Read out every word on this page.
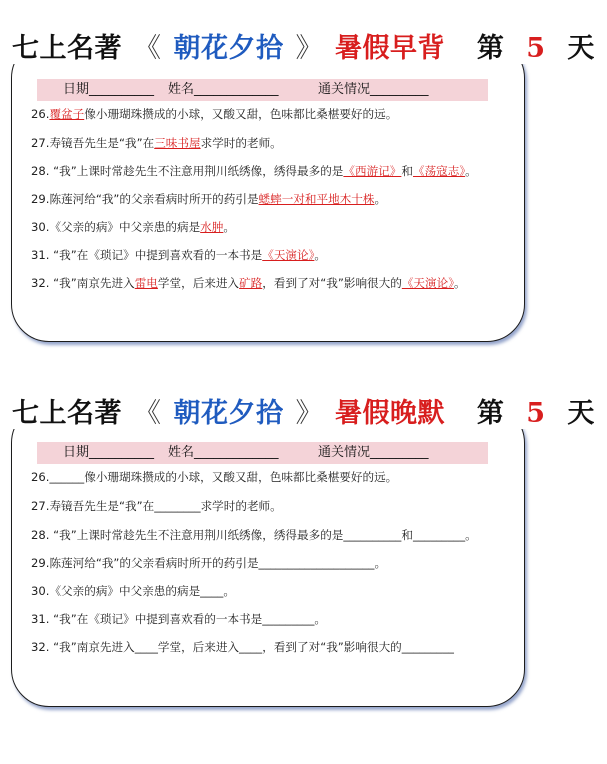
七上名著 《 朝花夕拾 》 暑假早背 第 5 天
日期__________ 姓名_____________	通关情况_________
26.覆盆子像小珊瑚珠攒成的小球，又酸又甜，色味都比桑椹要好的远。
27.寿镜吾先生是“我”在三味书屋求学时的老师。
28. “我”上课时常趁先生不注意用荆川纸绣像，绣得最多的是《西游记》和《荡寇志》。
29.陈莲河给“我”的父亲看病时所开的药引是蟋蟀一对和平地木十株。
30.《父亲的病》中父亲患的病是水肿。
31. “我”在《琐记》中提到喜欢看的一本书是《天演论》。
32. “我”南京先进入雷电学堂，后来进入矿路，看到了对“我”影响很大的《天演论》。
七上名著 《 朝花夕拾 》 暑假晚默 第 5 天
日期__________ 姓名_____________	通关情况_________
26.______像小珊瑚珠攒成的小球，又酸又甜，色味都比桑椹要好的远。
27.寿镜吾先生是“我”在________求学时的老师。
28. “我”上课时常趁先生不注意用荆川纸绣像，绣得最多的是__________和_________。
29.陈莲河给“我”的父亲看病时所开的药引是____________________。
30.《父亲的病》中父亲患的病是____。
31. “我”在《琐记》中提到喜欢看的一本书是_________。
32. “我”南京先进入____学堂，后来进入____，看到了对“我”影响很大的_________
